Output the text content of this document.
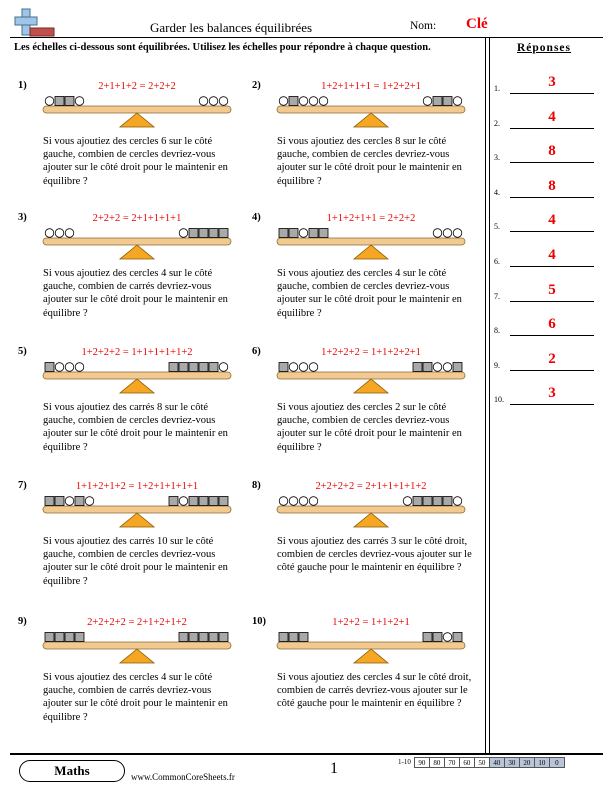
Garder les balances équilibrées	Nom: Clé
Les échelles ci-dessous sont équilibrées. Utilisez les échelles pour répondre à chaque question.
1)	2+1+1+2 = 2+2+2
Si vous ajoutiez des cercles 6 sur le côté gauche, combien de cercles devriez-vous ajouter sur le côté droit pour le maintenir en équilibre ?
2)	1+2+1+1+1 = 1+2+2+1
Si vous ajoutiez des cercles 8 sur le côté gauche, combien de cercles devriez-vous ajouter sur le côté droit pour le maintenir en équilibre ?
3)	2+2+2 = 2+1+1+1+1
Si vous ajoutiez des cercles 4 sur le côté gauche, combien de carrés devriez-vous ajouter sur le côté droit pour le maintenir en équilibre ?
4)	1+1+2+1+1 = 2+2+2
Si vous ajoutiez des cercles 4 sur le côté gauche, combien de cercles devriez-vous ajouter sur le côté droit pour le maintenir en équilibre ?
5)	1+2+2+2 = 1+1+1+1+1+2
Si vous ajoutiez des carrés 8 sur le côté gauche, combien de cercles devriez-vous ajouter sur le côté droit pour le maintenir en équilibre ?
6)	1+2+2+2 = 1+1+2+2+1
Si vous ajoutiez des cercles 2 sur le côté gauche, combien de cercles devriez-vous ajouter sur le côté droit pour le maintenir en équilibre ?
7)	1+1+2+1+2 = 1+2+1+1+1+1
Si vous ajoutiez des carrés 10 sur le côté gauche, combien de cercles devriez-vous ajouter sur le côté droit pour le maintenir en équilibre ?
8)	2+2+2+2 = 2+1+1+1+1+2
Si vous ajoutiez des carrés 3 sur le côté droit, combien de cercles devriez-vous ajouter sur le côté gauche pour le maintenir en équilibre ?
9)	2+2+2+2 = 2+1+2+1+2
Si vous ajoutiez des cercles 4 sur le côté gauche, combien de carrés devriez-vous ajouter sur le côté droit pour le maintenir en équilibre ?
10)	1+2+2 = 1+1+2+1
Si vous ajoutiez des cercles 4 sur le côté droit, combien de carrés devriez-vous ajouter sur le côté gauche pour le maintenir en équilibre ?
Réponses
1.	3
2.	4
3.	8
4.	8
5.	4
6.	4
7.	5
8.	6
9.	2
10.	3
Maths	www.CommonCoreSheets.fr	1	1-10	90	80	70	60	50	40	30	20	10	0
